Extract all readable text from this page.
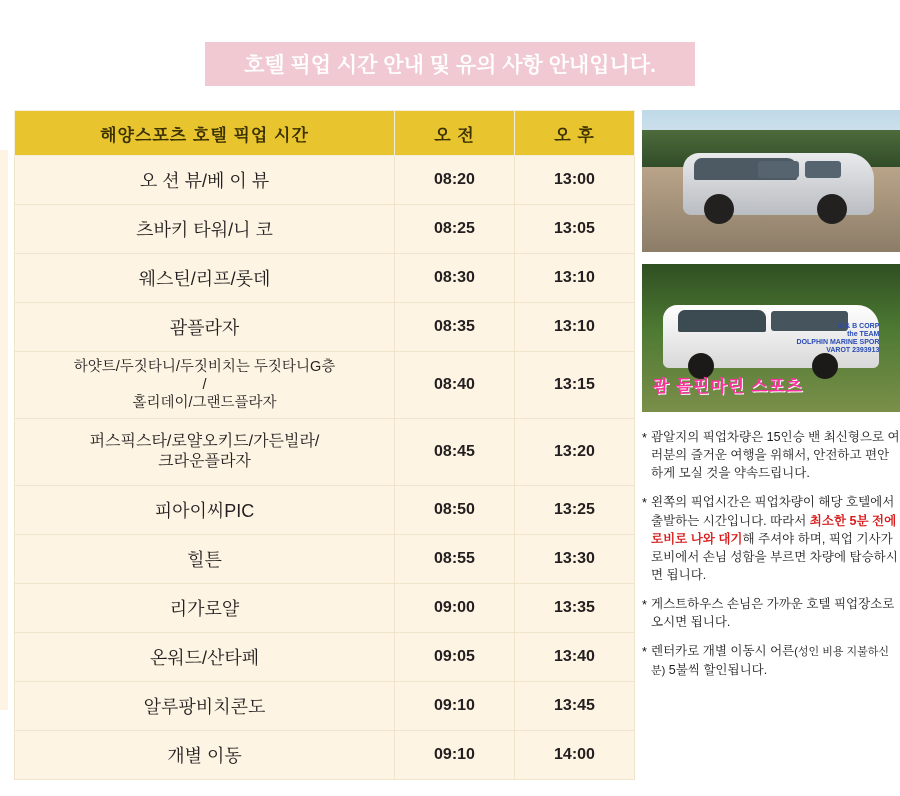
호텔 픽업 시간 안내 및 유의 사항 안내입니다.
해양스포츠 호텔 픽업 시간	오 전	오 후
오 션 뷰/베 이 뷰	08:20	13:00
츠바키 타워/니 코	08:25	13:05
웨스틴/리프/롯데	08:30	13:10
괌플라자	08:35	13:10
하얏트/두짓타니/두짓비치는 두짓타니G층
/
홀리데이/그랜드플라자	08:40	13:15
퍼스픽스타/로얄오키드/가든빌라/
크라운플라자	08:45	13:20
피아이씨PIC	08:50	13:25
힐튼	08:55	13:30
리가로얄	09:00	13:35
온워드/산타페	09:05	13:40
알루팡비치콘도	09:10	13:45
개별 이동	09:10	14:00
B & B CORP
the TEAM
DOLPHIN MARINE SPOR
VAROT 2393913
괌 돌핀마린 스포츠
* 괌알지의 픽업차량은 15인승 밴 최신형으로 여러분의 즐거운 여행을 위해서, 안전하고 편안하게 모실 것을 약속드립니다.
* 왼쪽의 픽업시간은 픽업차량이 해당 호텔에서 출발하는 시간입니다. 따라서 최소한 5분 전에 로비로 나와 대기해 주셔야 하며, 픽업 기사가 로비에서 손님 성함을 부르면 차량에 탑승하시면 됩니다.
* 게스트하우스 손님은 가까운 호텔 픽업장소로 오시면 됩니다.
* 렌터카로 개별 이동시 어른(성인 비용 지불하신 분) 5불씩 할인됩니다.
